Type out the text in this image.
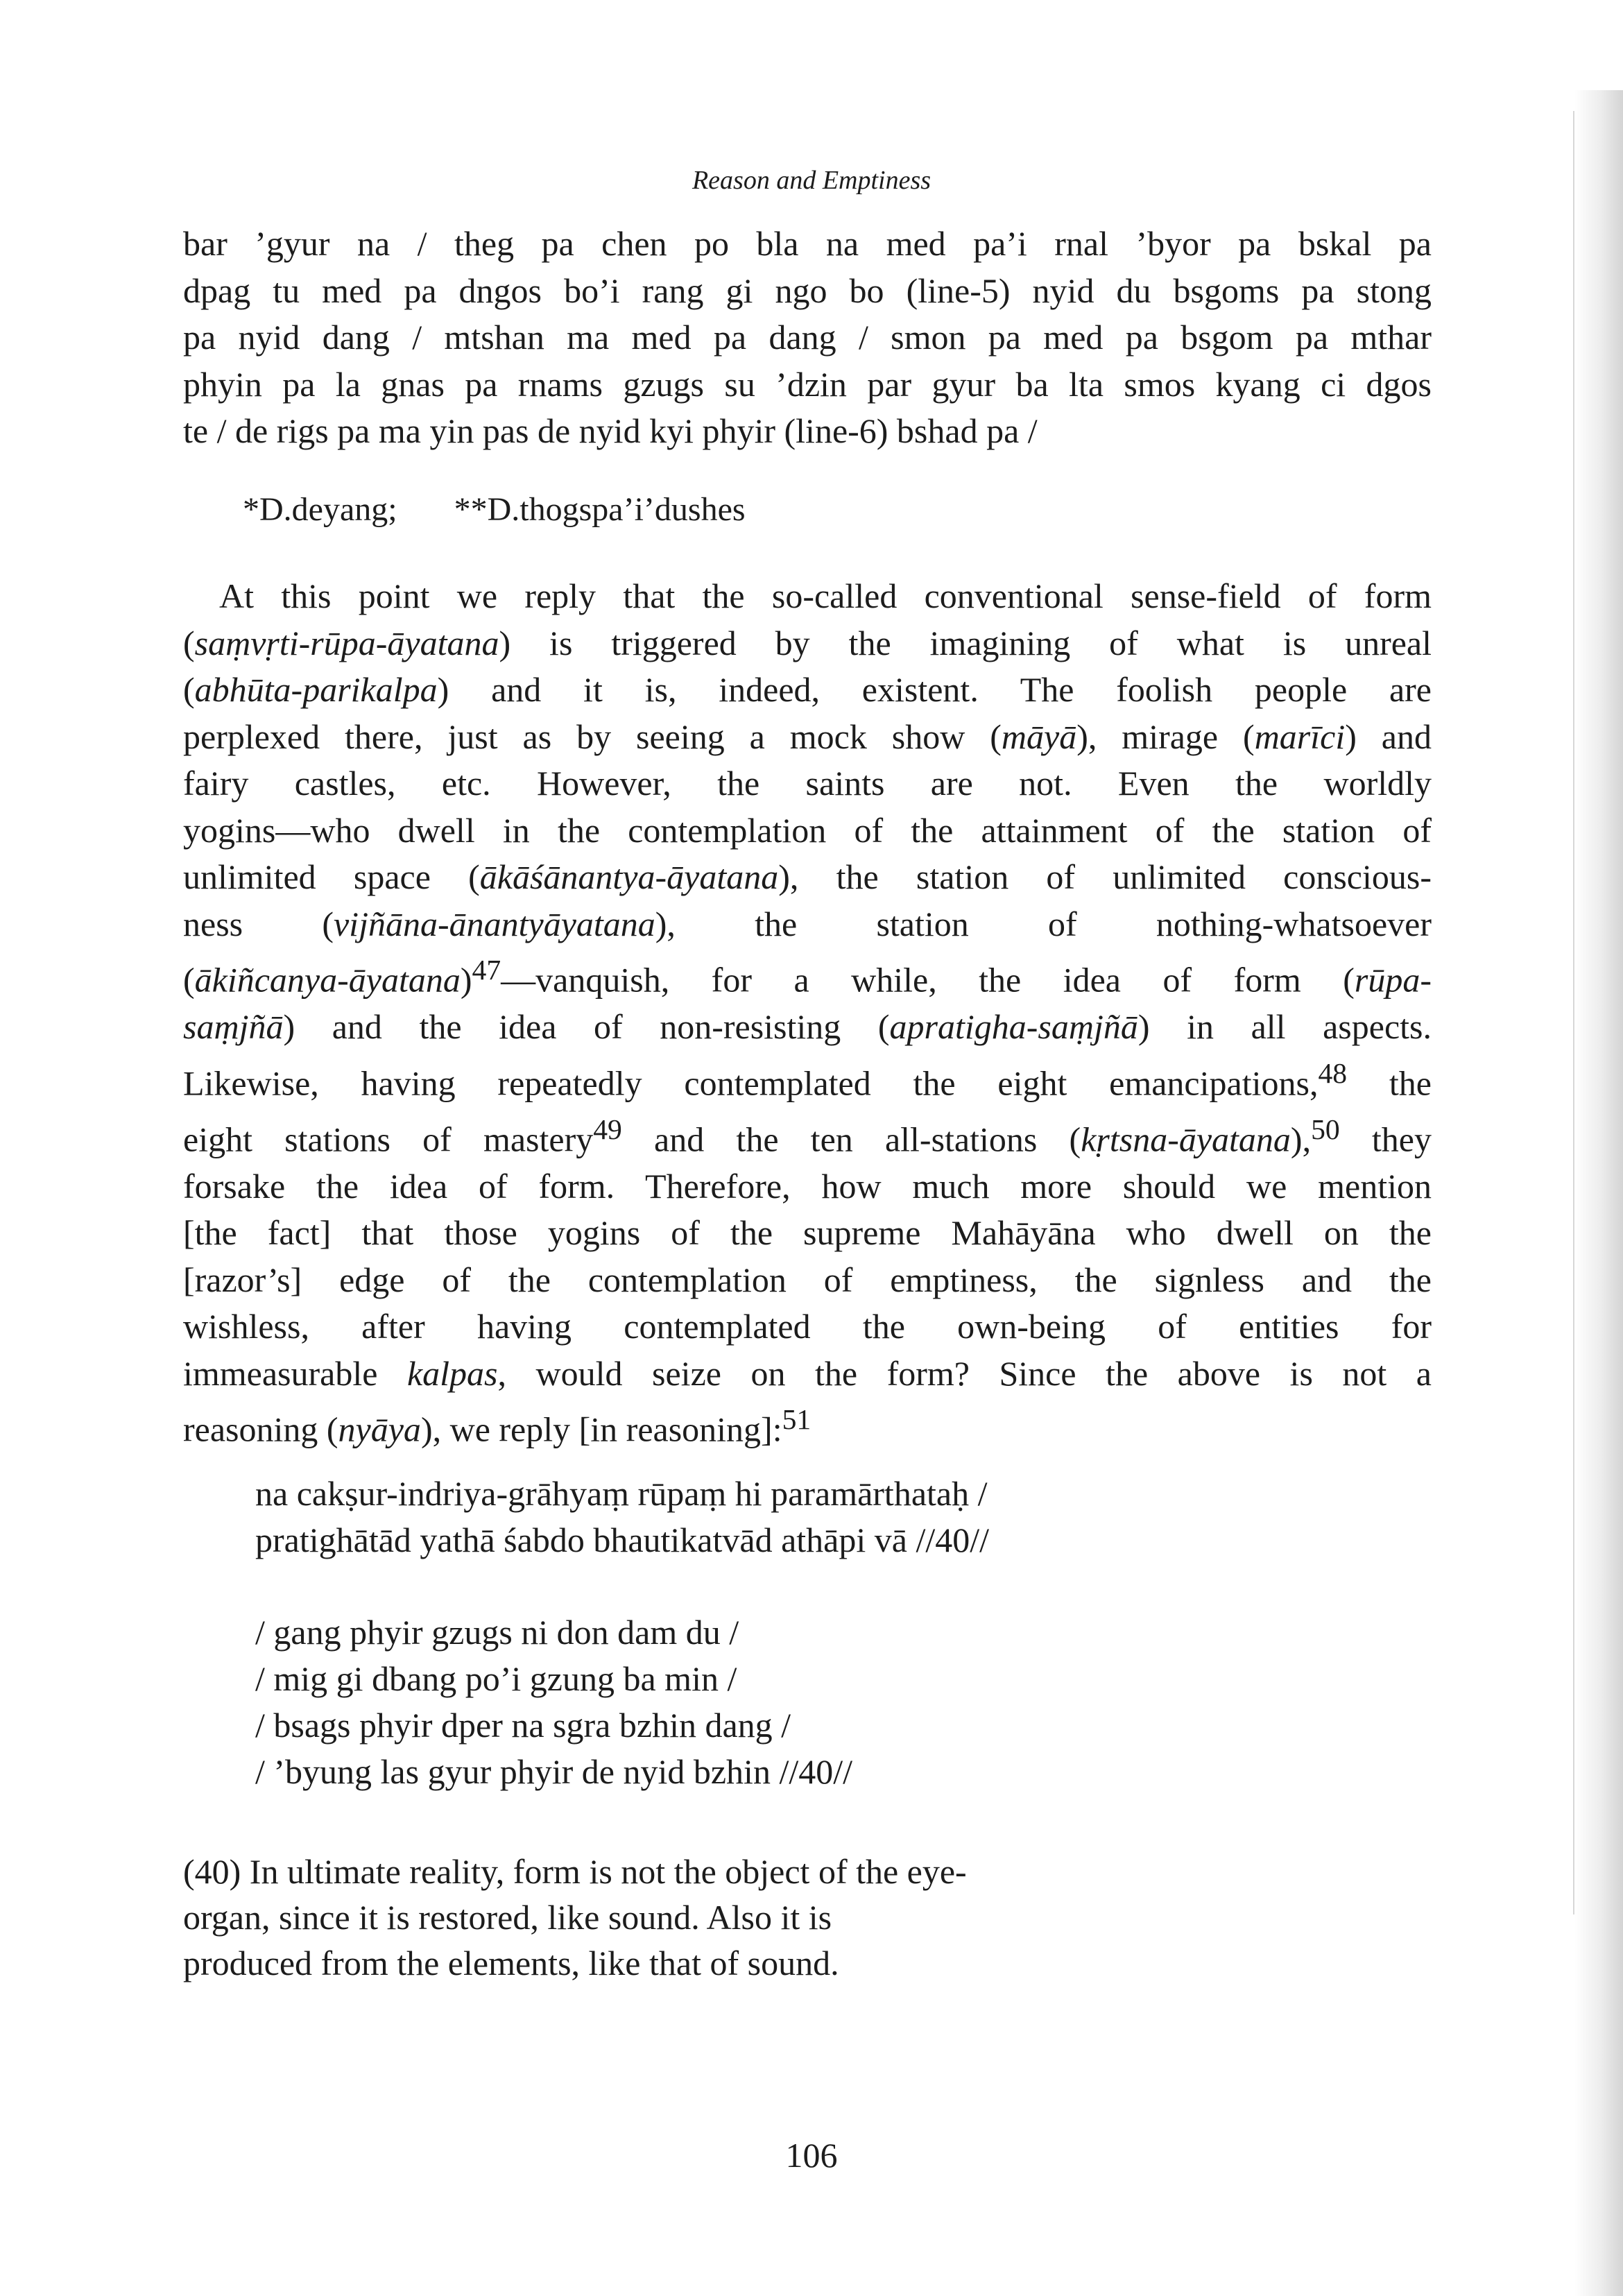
Reason and Emptiness

bar ’gyur na / theg pa chen po bla na med pa’i rnal ’byor pa bskal pa

dpag tu med pa dngos bo’i rang gi ngo bo (line-5) nyid du bsgoms pa stong

pa nyid dang / mtshan ma med pa dang / smon pa med pa bsgom pa mthar

phyin pa la gnas pa rnams gzugs su ’dzin par gyur ba lta smos kyang ci dgos

te / de rigs pa ma yin pas de nyid kyi phyir (line-6) bshad pa /

*D.deyang; **D.thogspa’i’dushes

At this point we reply that the so-called conventional sense-field of form

(saṃvṛti-rūpa-āyatana) is triggered by the imagining of what is unreal

(abhūta-parikalpa) and it is, indeed, existent. The foolish people are

perplexed there, just as by seeing a mock show (māyā), mirage (marīci) and

fairy castles, etc. However, the saints are not. Even the worldly

yogins—who dwell in the contemplation of the attainment of the station of

unlimited space (ākāśānantya-āyatana), the station of unlimited conscious-

ness (vijñāna-ānantyāyatana), the station of nothing-whatsoever

(ākiñcanya-āyatana)$^{47}$—vanquish, for a while, the idea of form (rūpa-

saṃjñā) and the idea of non-resisting (apratigha-saṃjñā) in all aspects.

Likewise, having repeatedly contemplated the eight emancipations,$^{48}$ the

eight stations of mastery$^{49}$ and the ten all-stations (kṛtsna-āyatana),$^{50}$ they

forsake the idea of form. Therefore, how much more should we mention

[the fact] that those yogins of the supreme Mahāyāna who dwell on the

[razor’s] edge of the contemplation of emptiness, the signless and the

wishless, after having contemplated the own-being of entities for

immeasurable kalpas, would seize on the form? Since the above is not a

reasoning (nyāya), we reply [in reasoning]:$^{51}$

na cakṣur-indriya-grāhyaṃ rūpaṃ hi paramārthataḥ /
pratighātād yathā śabdo bhautikatvād athāpi vā //40//
/ gang phyir gzugs ni don dam du /
/ mig gi dbang po’i gzung ba min /
/ bsags phyir dper na sgra bzhin dang /
/ ’byung las gyur phyir de nyid bzhin //40//
(40) In ultimate reality, form is not the object of the eye-
organ, since it is restored, like sound. Also it is
produced from the elements, like that of sound.
106
